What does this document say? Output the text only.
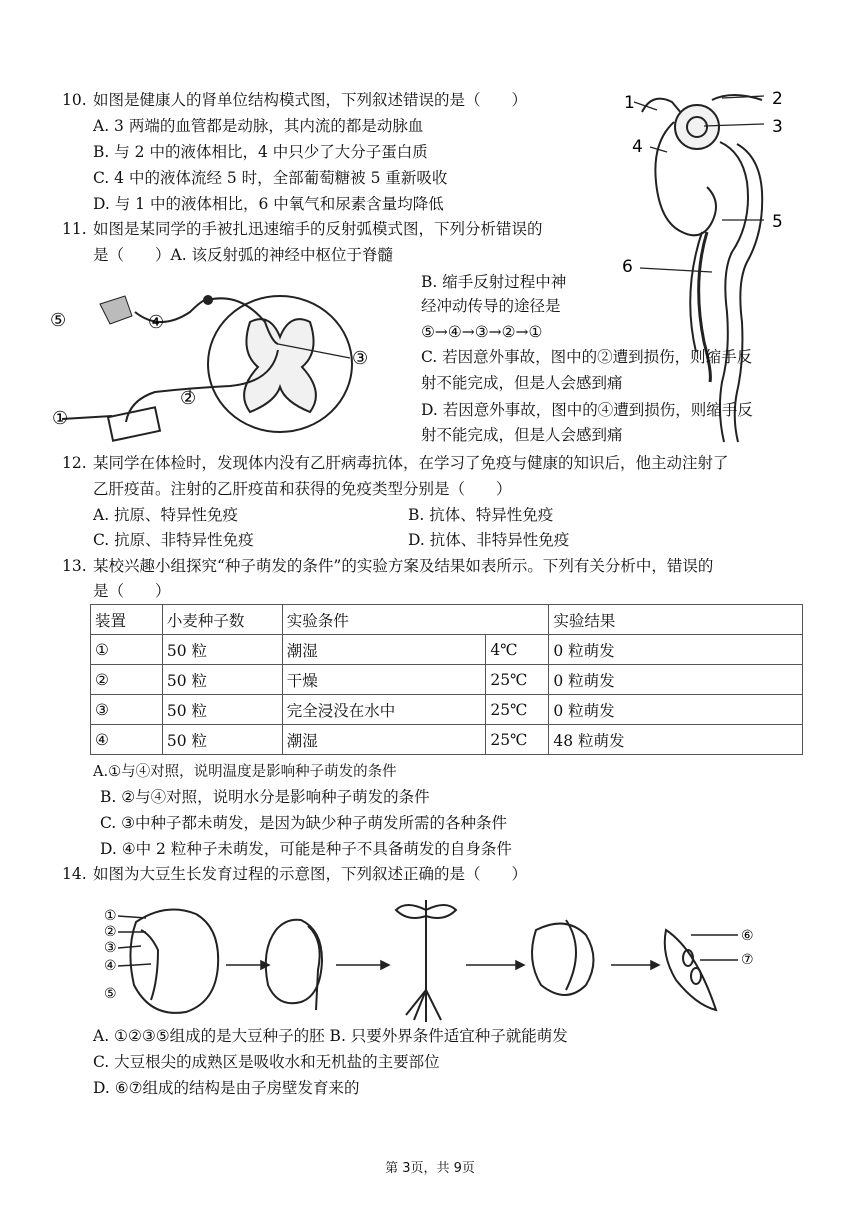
10. 如图是健康人的肾单位结构模式图，下列叙述错误的是（　　）
A. 3 两端的血管都是动脉，其内流的都是动脉血
B. 与 2 中的液体相比，4 中只少了大分子蛋白质
C. 4 中的液体流经 5 时，全部葡萄糖被 5 重新吸收
D. 与 1 中的液体相比，6 中氧气和尿素含量均降低
1	2
3
4
5
6
11. 如图是某同学的手被扎迅速缩手的反射弧模式图，下列分析错误的
是（　　）A. 该反射弧的神经中枢位于脊髓
B. 缩手反射过程中神
经冲动传导的途径是
⑤→④→③→②→①
C. 若因意外事故，图中的②遭到损伤，则缩手反
射不能完成，但是人会感到痛
D. 若因意外事故，图中的④遭到损伤，则缩手反
射不能完成，但是人会感到痛
⑤	④
③
②
①
12. 某同学在体检时，发现体内没有乙肝病毒抗体，在学习了免疫与健康的知识后，他主动注射了
乙肝疫苗。注射的乙肝疫苗和获得的免疫类型分别是（　　）
A. 抗原、特异性免疫	B. 抗体、特异性免疫
C. 抗原、非特异性免疫	D. 抗体、非特异性免疫
13. 某校兴趣小组探究“种子萌发的条件”的实验方案及结果如表所示。下列有关分析中，错误的
是（　　）
装置	小麦种子数	实验条件		实验结果
①	50 粒	潮湿	4℃	0 粒萌发
②	50 粒	干燥	25℃	0 粒萌发
③	50 粒	完全浸没在水中	25℃	0 粒萌发
④	50 粒	潮湿	25℃	48 粒萌发
A.①与④对照，说明温度是影响种子萌发的条件
B. ②与④对照，说明水分是影响种子萌发的条件
C. ③中种子都未萌发，是因为缺少种子萌发所需的各种条件
D. ④中 2 粒种子未萌发，可能是种子不具备萌发的自身条件
14. 如图为大豆生长发育过程的示意图，下列叙述正确的是（　　）
①
②
③
④
⑤
⑥
⑦
A. ①②③⑤组成的是大豆种子的胚 B. 只要外界条件适宜种子就能萌发
C. 大豆根尖的成熟区是吸收水和无机盐的主要部位
D. ⑥⑦组成的结构是由子房壁发育来的
第 3页，共 9页
